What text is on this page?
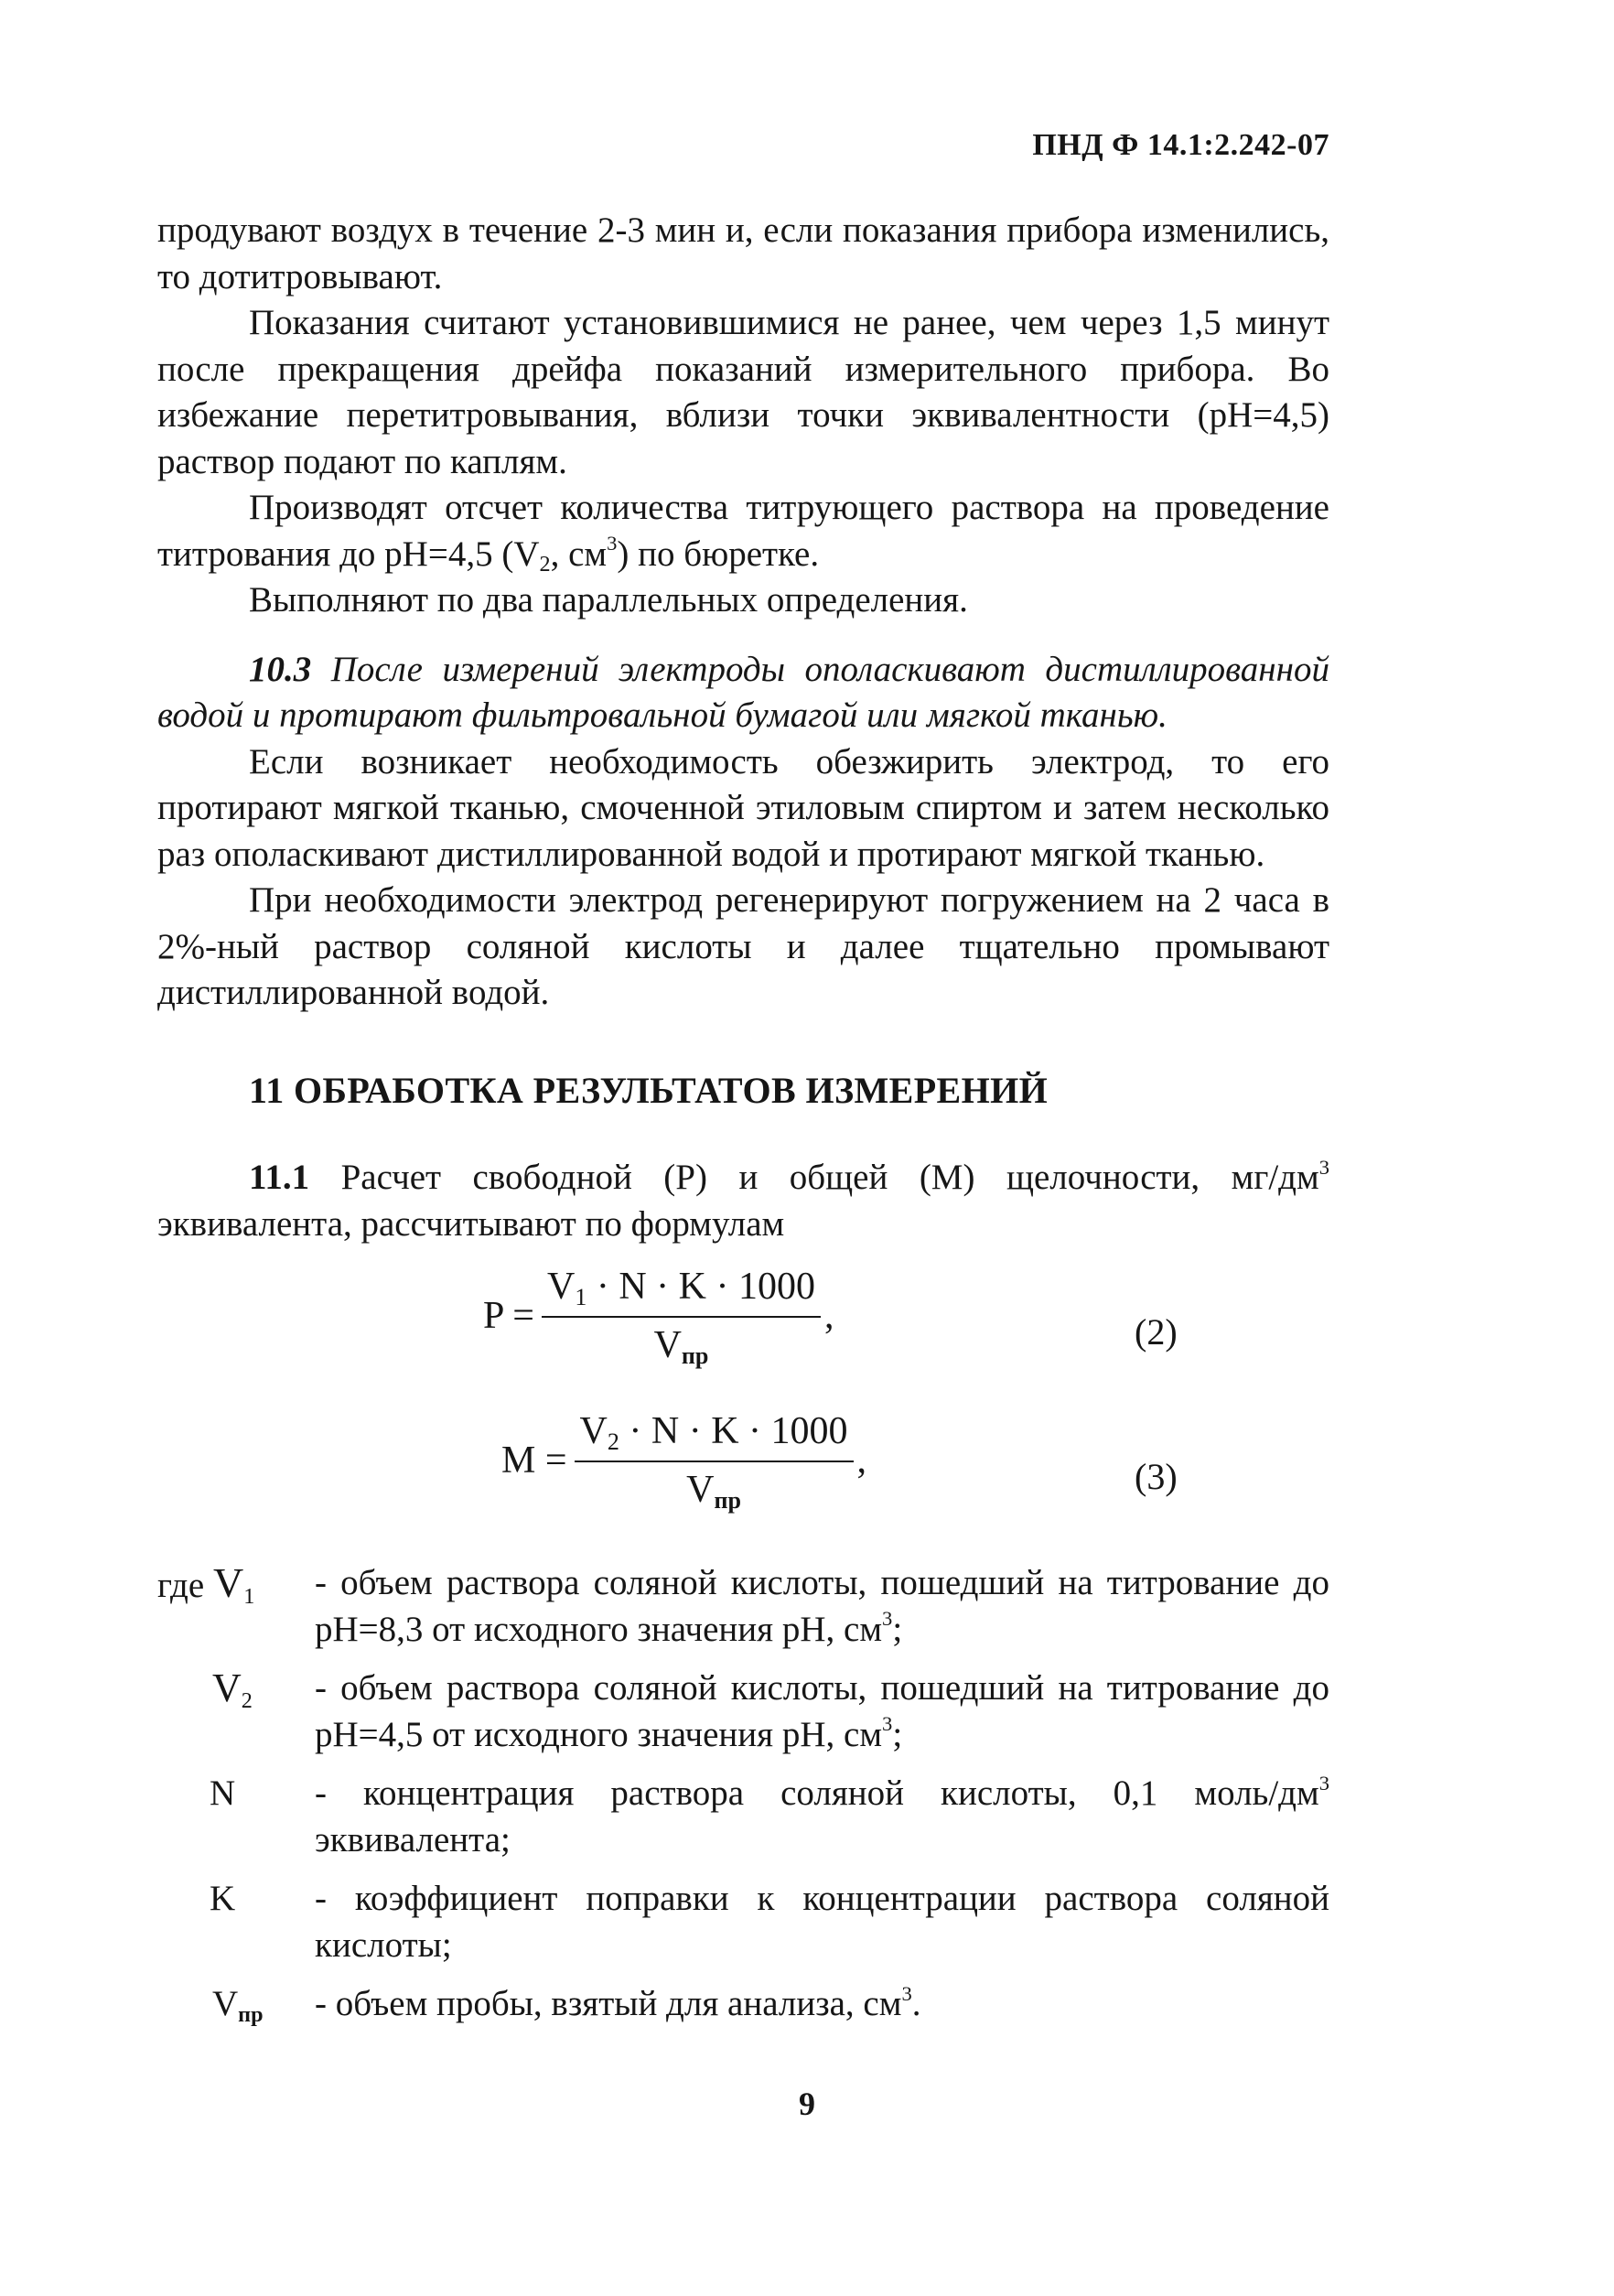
ПНД Ф 14.1:2.242-07

продувают воздух в течение 2-3 мин и, если показания прибора изменились, то дотитровывают.

Показания считают установившимися не ранее, чем через 1,5 минут после прекращения дрейфа показаний измерительного прибора. Во избежание перетитровывания, вблизи точки эквивалентности (рН=4,5) раствор подают по каплям.

Производят отсчет количества титрующего раствора на проведение титрования до рН=4,5 ($V_2$, $см^3$) по бюретке.

Выполняют по два параллельных определения.

10.3 После измерений электроды ополаскивают дистиллированной водой и протирают фильтровальной бумагой или мягкой тканью.

Если возникает необходимость обезжирить электрод, то его протирают мягкой тканью, смоченной этиловым спиртом и затем несколько раз ополаскивают дистиллированной водой и протирают мягкой тканью.

При необходимости электрод регенерируют погружением на 2 часа в 2%-ный раствор соляной кислоты и далее тщательно промывают дистиллированной водой.

11 ОБРАБОТКА РЕЗУЛЬТАТОВ ИЗМЕРЕНИЙ

11.1 Расчет свободной (Р) и общей (М) щелочности, $мг/дм^3$ эквивалента, рассчитывают по формулам

$P = \frac{V_1 \cdot N \cdot K \cdot 1000}{V_{пр}}$ ,	(2)
$M = \frac{V_2 \cdot N \cdot K \cdot 1000}{V_{пр}}$ ,	(3)
где $V_1$	- объем раствора соляной кислоты, пошедший на титрование до рН=8,3 от исходного значения рН, $см^3$;
$V_2$	- объем раствора соляной кислоты, пошедший на титрование до рН=4,5 от исходного значения рН, $см^3$;
N	- концентрация раствора соляной кислоты, 0,1 моль/$дм^3$ эквивалента;
K	- коэффициент поправки к концентрации раствора соляной кислоты;
$V_{пр}$	- объем пробы, взятый для анализа, $см^3$.
9
